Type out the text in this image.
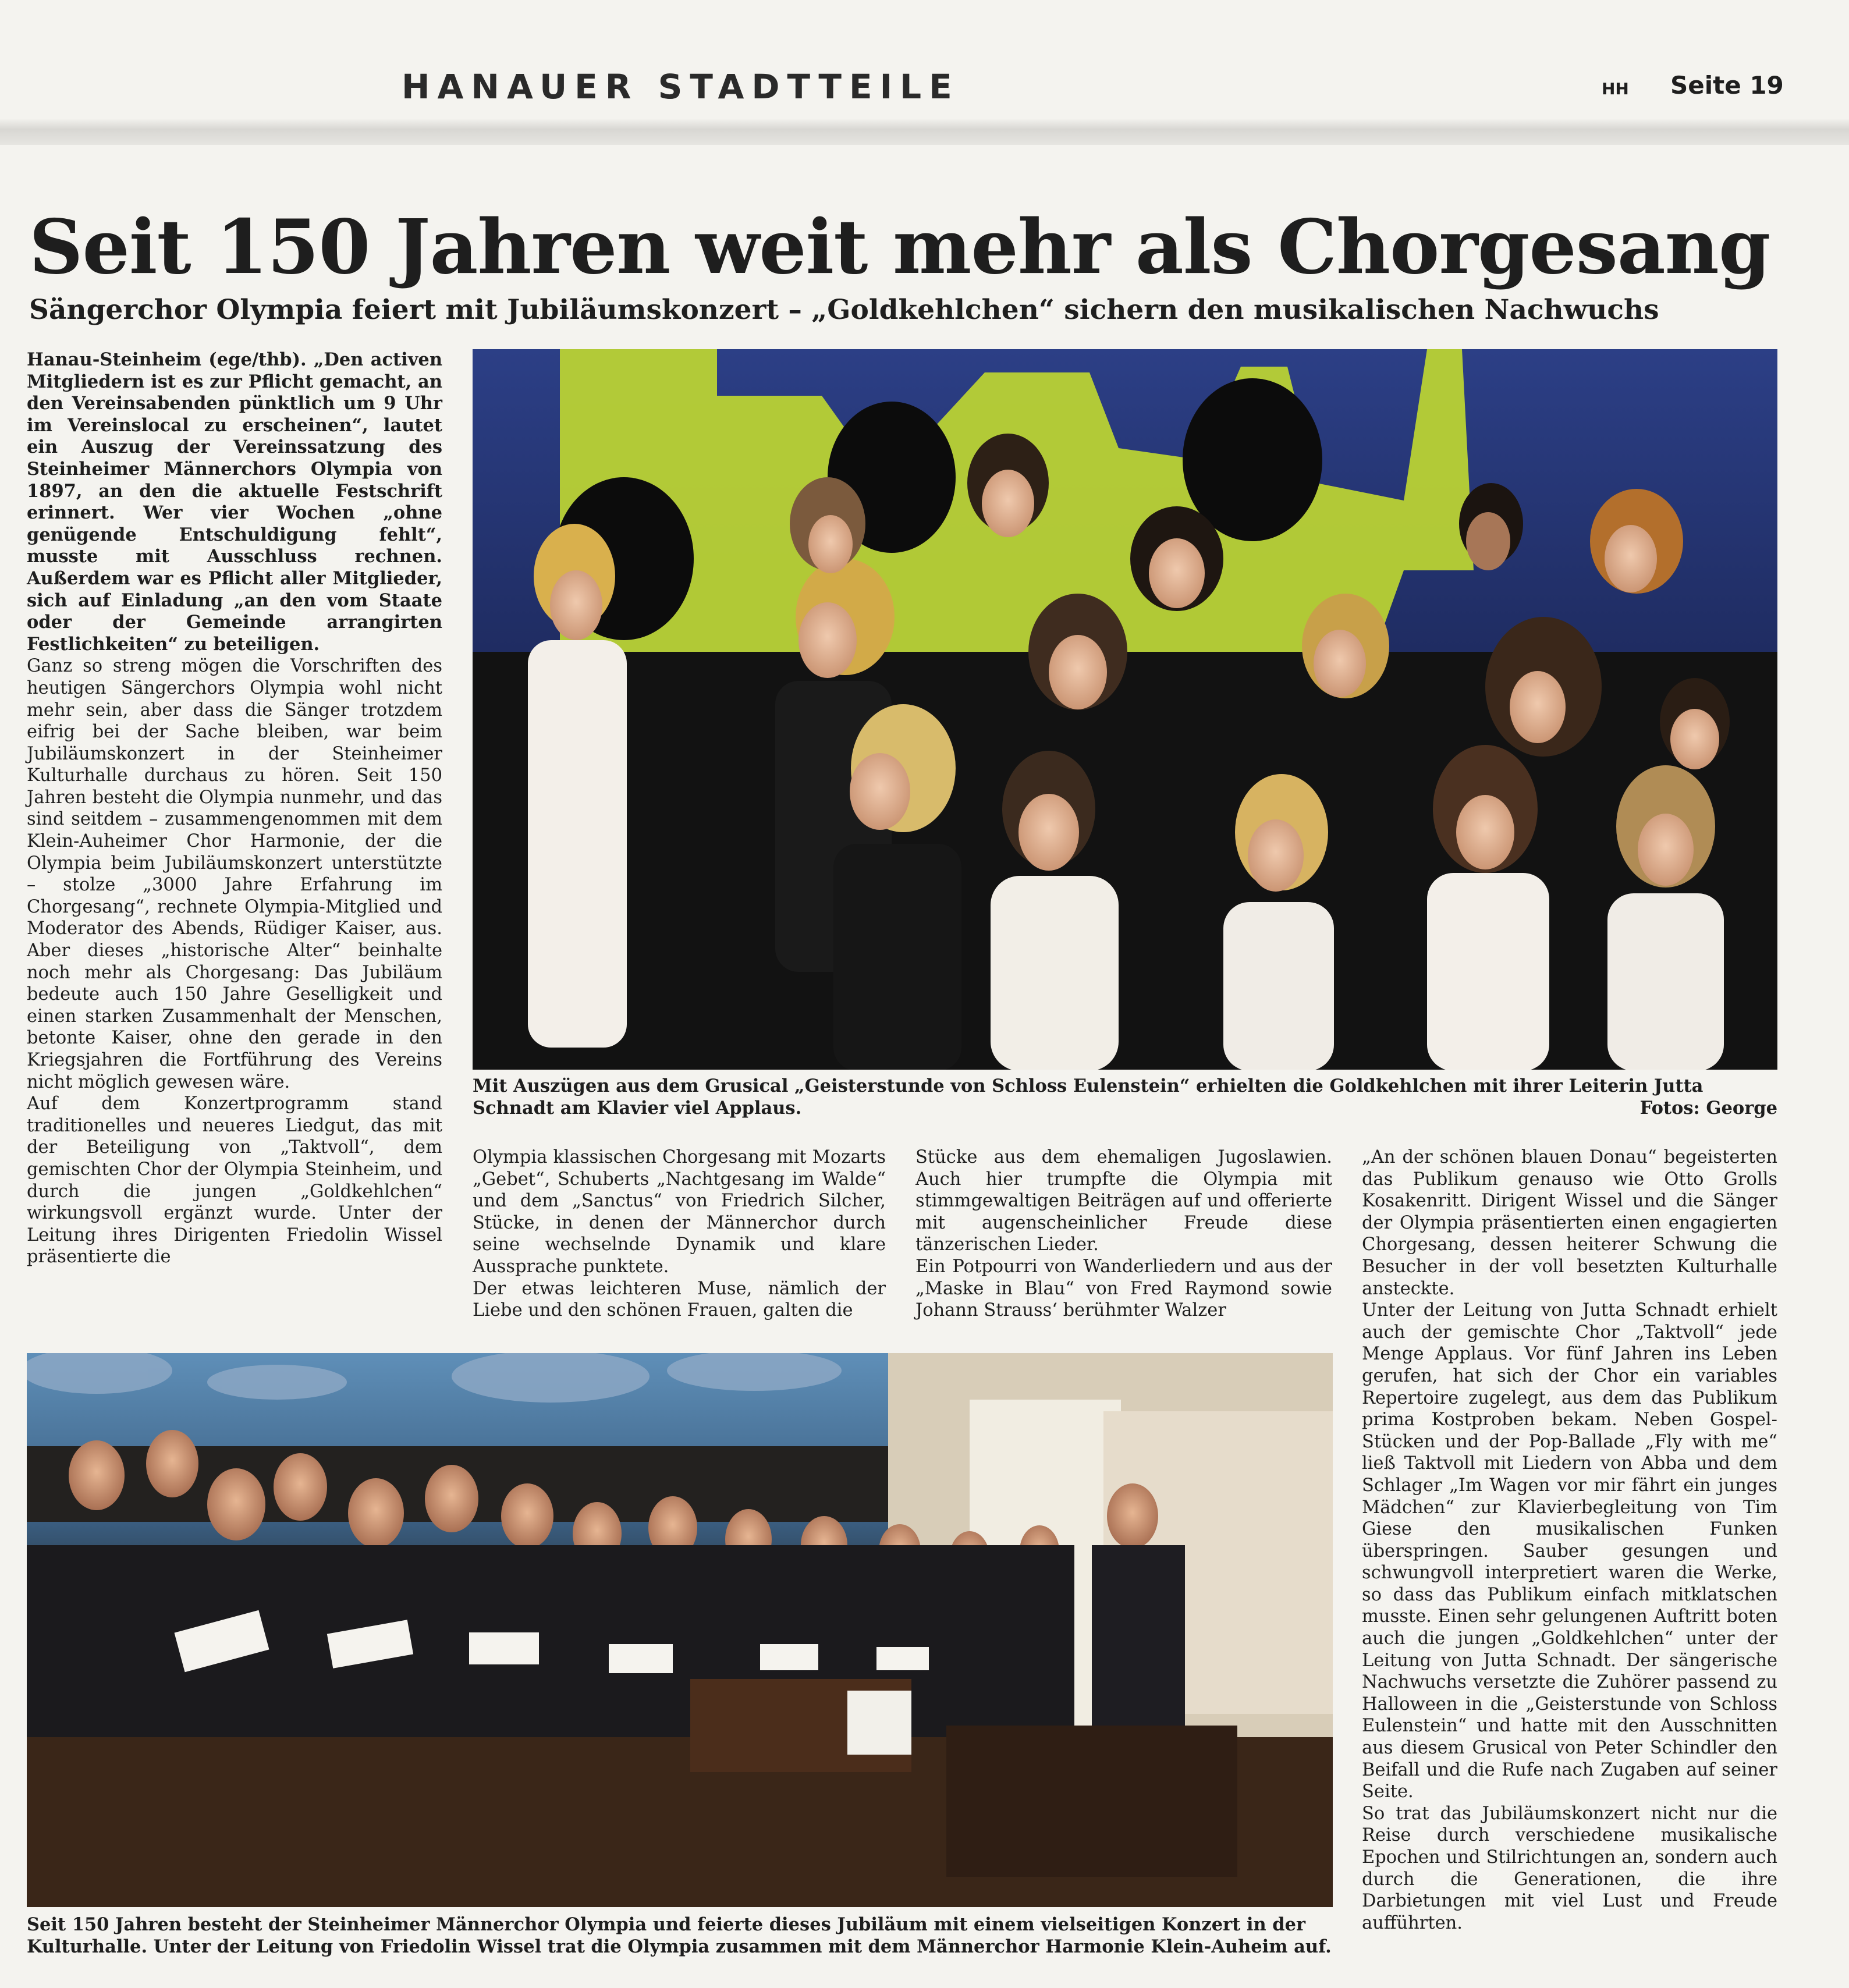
HANAUER STADTTEILE	HH Seite 19
Seit 150 Jahren weit mehr als Chorgesang
Sängerchor Olympia feiert mit Jubiläumskonzert – „Goldkehlchen“ sichern den musikalischen Nachwuchs

Hanau-Steinheim (ege/thb). „Den activen Mitgliedern ist es zur Pflicht gemacht, an den Vereinsabenden pünktlich um 9 Uhr im Vereinslocal zu erscheinen“, lautet ein Auszug der Vereinssatzung des Steinheimer Männerchors Olympia von 1897, an den die aktuelle Festschrift erinnert. Wer vier Wochen „ohne genügende Entschuldigung fehlt“, musste mit Ausschluss rechnen. Außerdem war es Pflicht aller Mitglieder, sich auf Einladung „an den vom Staate oder der Gemeinde arrangirten Festlichkeiten“ zu beteiligen.

Ganz so streng mögen die Vorschriften des heutigen Sängerchors Olympia wohl nicht mehr sein, aber dass die Sänger trotzdem eifrig bei der Sache bleiben, war beim Jubiläumskonzert in der Steinheimer Kulturhalle durchaus zu hören. Seit 150 Jahren besteht die Olympia nunmehr, und das sind seitdem – zusammengenommen mit dem Klein-Auheimer Chor Harmonie, der die Olympia beim Jubiläumskonzert unterstützte – stolze „3000 Jahre Erfahrung im Chorgesang“, rechnete Olympia-Mitglied und Moderator des Abends, Rüdiger Kaiser, aus. Aber dieses „historische Alter“ beinhalte noch mehr als Chorgesang: Das Jubiläum bedeute auch 150 Jahre Geselligkeit und einen starken Zusammenhalt der Menschen, betonte Kaiser, ohne den gerade in den Kriegsjahren die Fortführung des Vereins nicht möglich gewesen wäre.

Auf dem Konzertprogramm stand traditionelles und neueres Liedgut, das mit der Beteiligung von „Taktvoll“, dem gemischten Chor der Olympia Steinheim, und durch die jungen „Goldkehlchen“ wirkungsvoll ergänzt wurde. Unter der Leitung ihres Dirigenten Friedolin Wissel präsentierte die

Mit Auszügen aus dem Grusical „Geisterstunde von Schloss Eulenstein“ erhielten die Goldkehlchen mit ihrer Leiterin Jutta Schnadt am Klavier viel Applaus.	Fotos: George

Olympia klassischen Chorgesang mit Mozarts „Gebet“, Schuberts „Nachtgesang im Walde“ und dem „Sanctus“ von Friedrich Silcher, Stücke, in denen der Männerchor durch seine wechselnde Dynamik und klare Aussprache punktete.

Der etwas leichteren Muse, nämlich der Liebe und den schönen Frauen, galten die

Stücke aus dem ehemaligen Jugoslawien. Auch hier trumpfte die Olympia mit stimmgewaltigen Beiträgen auf und offerierte mit augenscheinlicher Freude diese tänzerischen Lieder.

Ein Potpourri von Wanderliedern und aus der „Maske in Blau“ von Fred Raymond sowie Johann Strauss‘ berühmter Walzer

„An der schönen blauen Donau“ begeisterten das Publikum genauso wie Otto Grolls Kosakenritt. Dirigent Wissel und die Sänger der Olympia präsentierten einen engagierten Chorgesang, dessen heiterer Schwung die Besucher in der voll besetzten Kulturhalle ansteckte.

Unter der Leitung von Jutta Schnadt erhielt auch der gemischte Chor „Taktvoll“ jede Menge Applaus. Vor fünf Jahren ins Leben gerufen, hat sich der Chor ein variables Repertoire zugelegt, aus dem das Publikum prima Kostproben bekam. Neben Gospel-Stücken und der Pop-Ballade „Fly with me“ ließ Taktvoll mit Liedern von Abba und dem Schlager „Im Wagen vor mir fährt ein junges Mädchen“ zur Klavierbegleitung von Tim Giese den musikalischen Funken überspringen. Sauber gesungen und schwungvoll interpretiert waren die Werke, so dass das Publikum einfach mitklatschen musste. Einen sehr gelungenen Auftritt boten auch die jungen „Goldkehlchen“ unter der Leitung von Jutta Schnadt. Der sängerische Nachwuchs versetzte die Zuhörer passend zu Halloween in die „Geisterstunde von Schloss Eulenstein“ und hatte mit den Ausschnitten aus diesem Grusical von Peter Schindler den Beifall und die Rufe nach Zugaben auf seiner Seite.

So trat das Jubiläumskonzert nicht nur die Reise durch verschiedene musikalische Epochen und Stilrichtungen an, sondern auch durch die Generationen, die ihre Darbietungen mit viel Lust und Freude aufführten.

Seit 150 Jahren besteht der Steinheimer Männerchor Olympia und feierte dieses Jubiläum mit einem vielseitigen Konzert in der Kulturhalle. Unter der Leitung von Friedolin Wissel trat die Olympia zusammen mit dem Männerchor Harmonie Klein-Auheim auf.
